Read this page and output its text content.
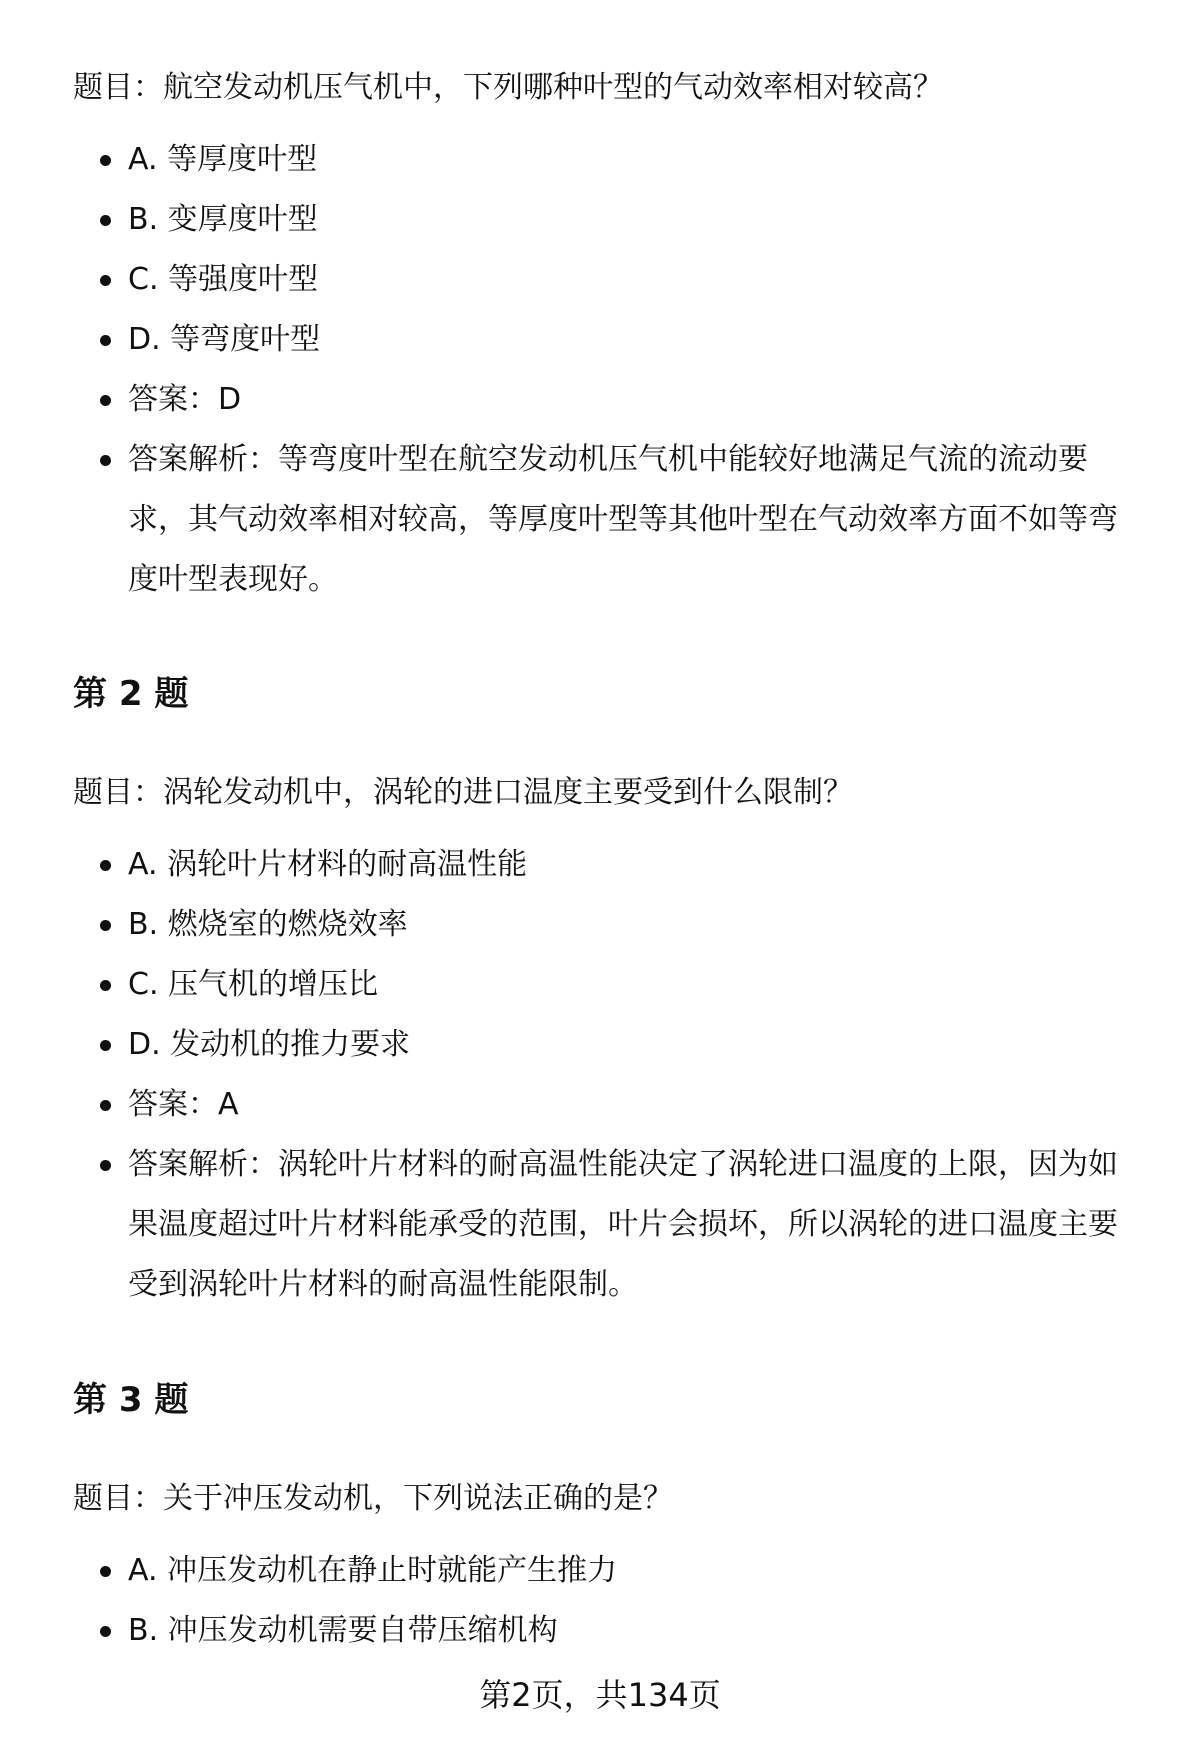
题目：航空发动机压气机中，下列哪种叶型的气动效率相对较高？

A. 等厚度叶型
B. 变厚度叶型
C. 等强度叶型
D. 等弯度叶型
答案：D
答案解析：等弯度叶型在航空发动机压气机中能较好地满足气流的流动要求，其气动效率相对较高，等厚度叶型等其他叶型在气动效率方面不如等弯度叶型表现好。
第 2 题

题目：涡轮发动机中，涡轮的进口温度主要受到什么限制？

A. 涡轮叶片材料的耐高温性能
B. 燃烧室的燃烧效率
C. 压气机的增压比
D. 发动机的推力要求
答案：A
答案解析：涡轮叶片材料的耐高温性能决定了涡轮进口温度的上限，因为如果温度超过叶片材料能承受的范围，叶片会损坏，所以涡轮的进口温度主要受到涡轮叶片材料的耐高温性能限制。
第 3 题

题目：关于冲压发动机，下列说法正确的是？

A. 冲压发动机在静止时就能产生推力
B. 冲压发动机需要自带压缩机构
第2页，共134页
